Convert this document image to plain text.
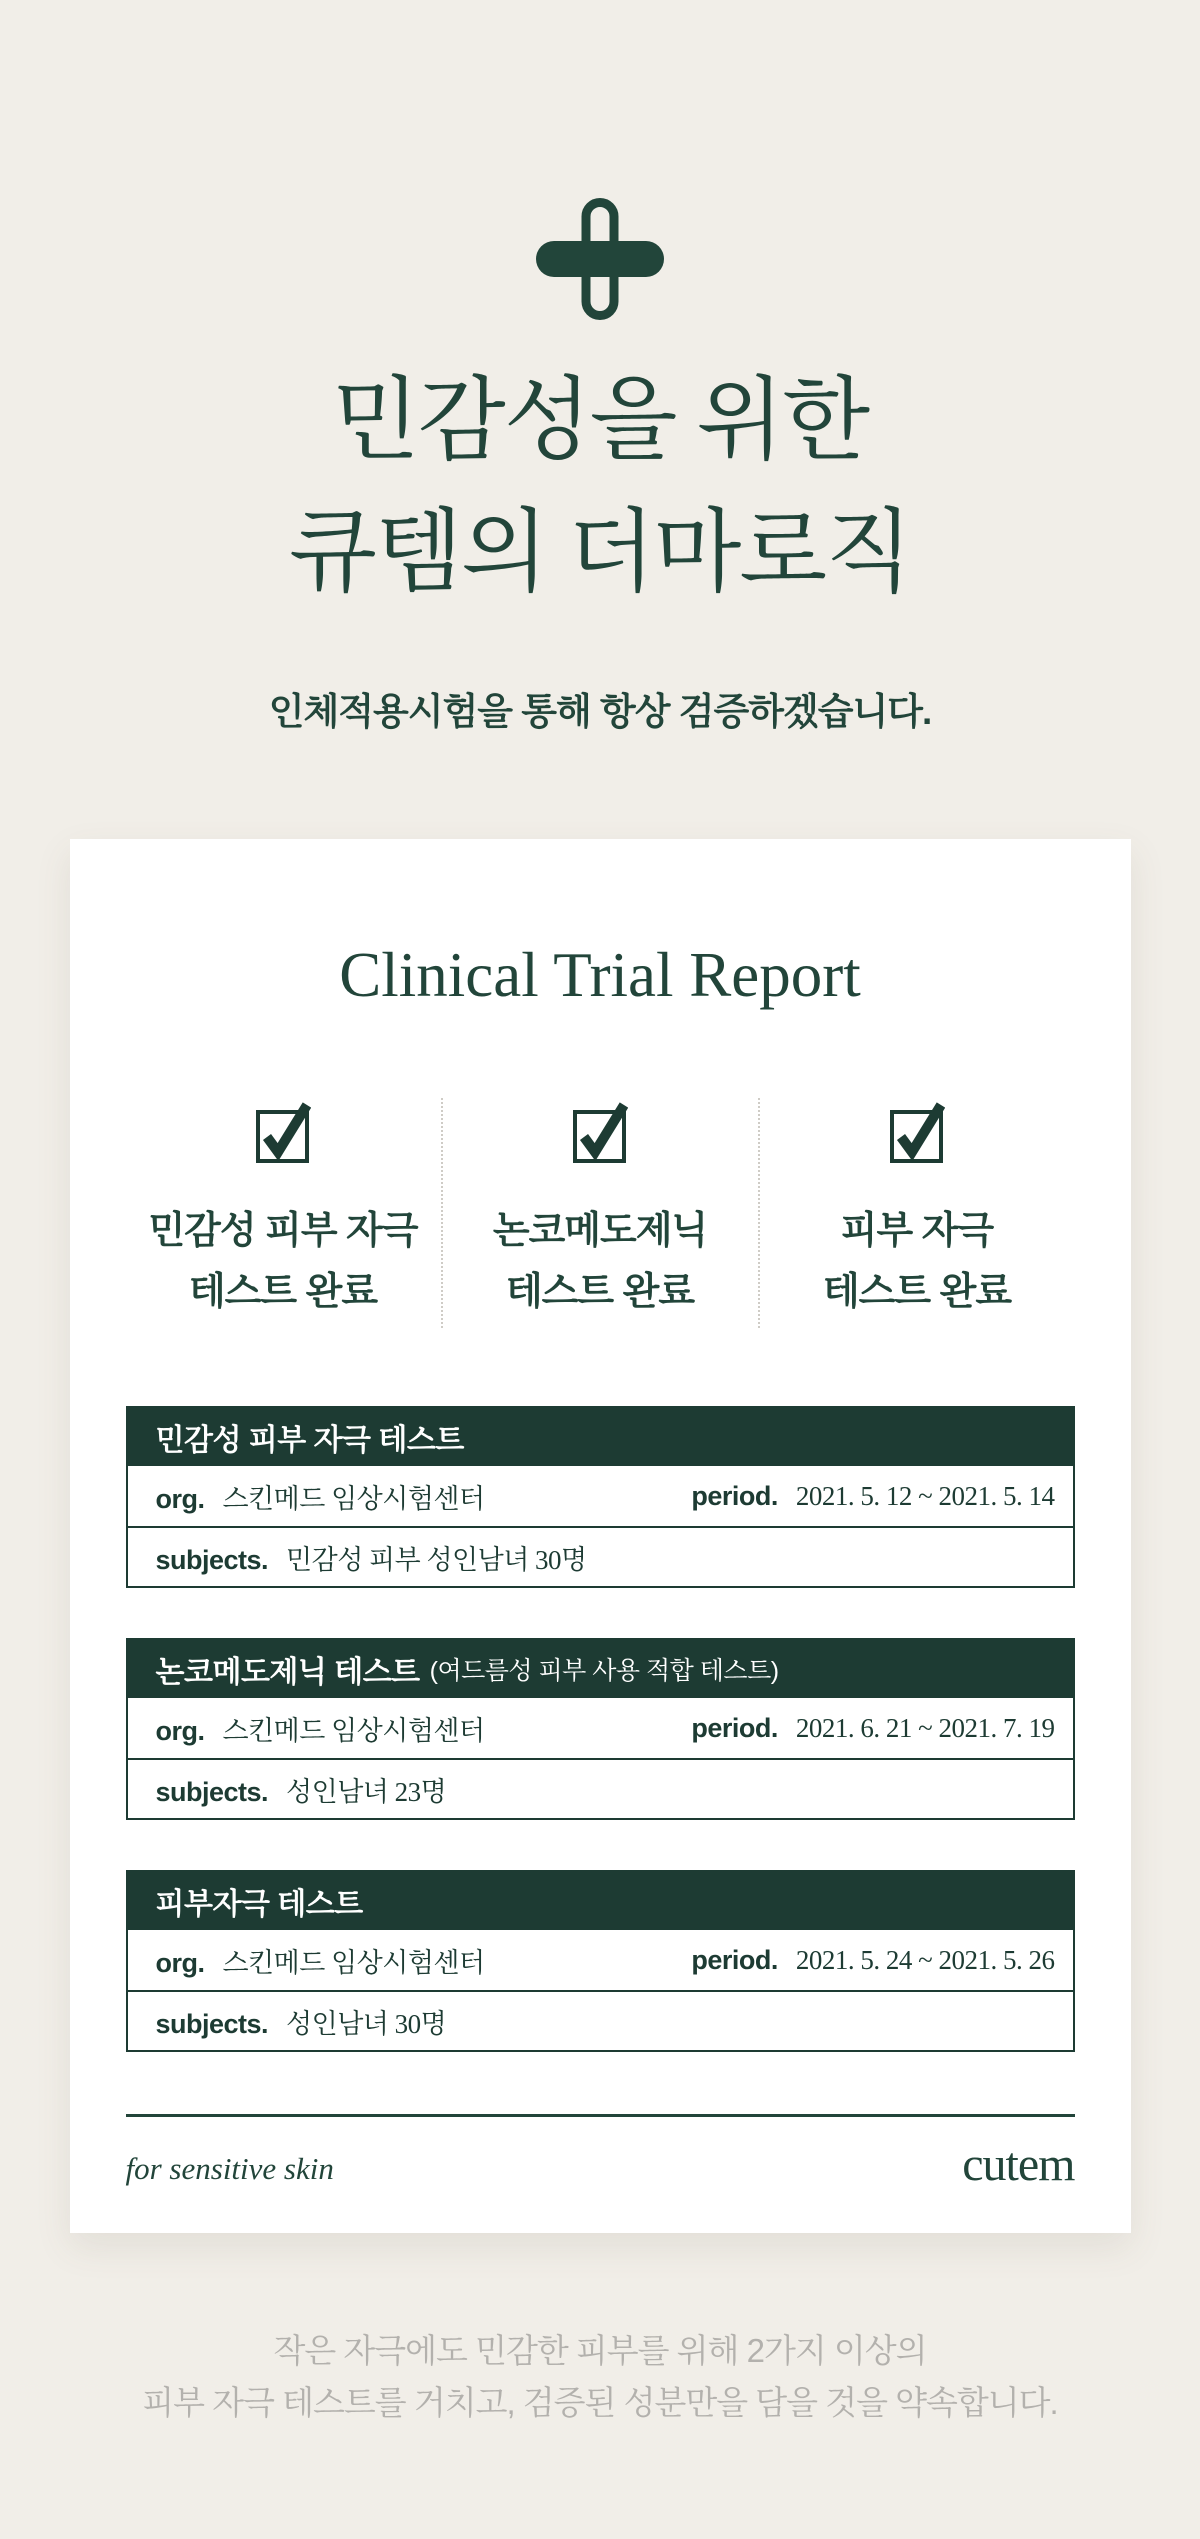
민감성을 위한
큐템의 더마로직

인체적용시험을 통해 항상 검증하겠습니다.

Clinical Trial Report
민감성 피부 자극
테스트 완료
논코메도제닉
테스트 완료
피부 자극
테스트 완료
민감성 피부 자극 테스트
org. 스킨메드 임상시험센터	period. 2021. 5. 12 ~ 2021. 5. 14
subjects. 민감성 피부 성인남녀 30명
논코메도제닉 테스트 (여드름성 피부 사용 적합 테스트)
org. 스킨메드 임상시험센터	period. 2021. 6. 21 ~ 2021. 7. 19
subjects. 성인남녀 23명
피부자극 테스트
org. 스킨메드 임상시험센터	period. 2021. 5. 24 ~ 2021. 5. 26
subjects. 성인남녀 30명
for sensitive skin	cutem
작은 자극에도 민감한 피부를 위해 2가지 이상의
피부 자극 테스트를 거치고, 검증된 성분만을 담을 것을 약속합니다.
